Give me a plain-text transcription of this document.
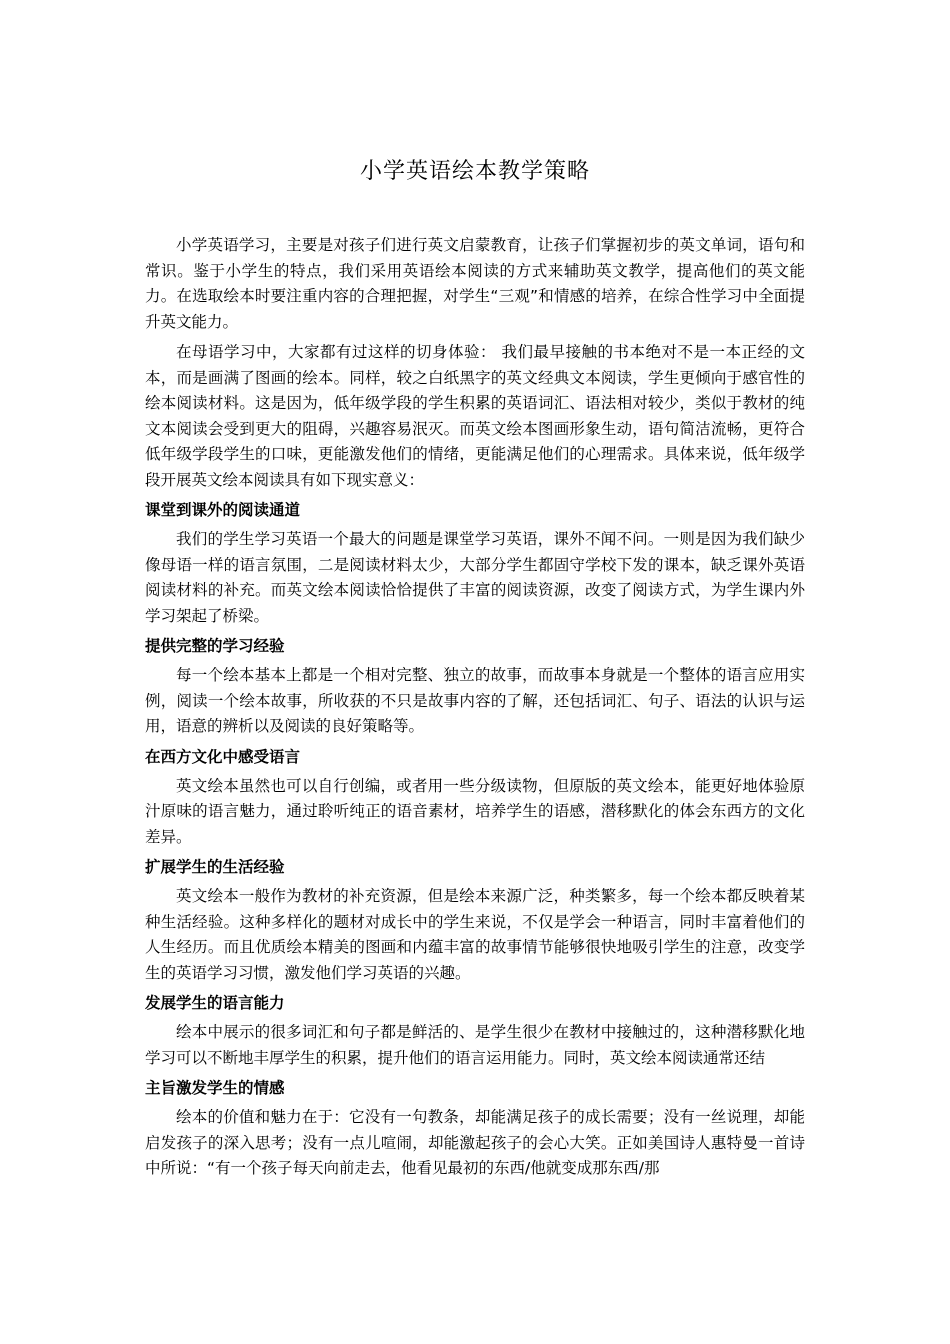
小学英语绘本教学策略

小学英语学习，主要是对孩子们进行英文启蒙教育，让孩子们掌握初步的英文单词，语句和常识。鉴于小学生的特点，我们采用英语绘本阅读的方式来辅助英文教学，提高他们的英文能力。在选取绘本时要注重内容的合理把握，对学生“三观”和情感的培养，在综合性学习中全面提升英文能力。

在母语学习中，大家都有过这样的切身体验： 我们最早接触的书本绝对不是一本正经的文本，而是画满了图画的绘本。同样，较之白纸黑字的英文经典文本阅读，学生更倾向于感官性的绘本阅读材料。这是因为，低年级学段的学生积累的英语词汇、语法相对较少，类似于教材的纯文本阅读会受到更大的阻碍，兴趣容易泯灭。而英文绘本图画形象生动，语句简洁流畅，更符合低年级学段学生的口味，更能激发他们的情绪，更能满足他们的心理需求。具体来说，低年级学段开展英文绘本阅读具有如下现实意义：

课堂到课外的阅读通道

我们的学生学习英语一个最大的问题是课堂学习英语，课外不闻不问。一则是因为我们缺少像母语一样的语言氛围，二是阅读材料太少，大部分学生都固守学校下发的课本，缺乏课外英语阅读材料的补充。而英文绘本阅读恰恰提供了丰富的阅读资源，改变了阅读方式，为学生课内外学习架起了桥梁。

提供完整的学习经验

每一个绘本基本上都是一个相对完整、独立的故事，而故事本身就是一个整体的语言应用实例，阅读一个绘本故事，所收获的不只是故事内容的了解，还包括词汇、句子、语法的认识与运用，语意的辨析以及阅读的良好策略等。

在西方文化中感受语言

英文绘本虽然也可以自行创编，或者用一些分级读物，但原版的英文绘本，能更好地体验原汁原味的语言魅力，通过聆听纯正的语音素材，培养学生的语感，潜移默化的体会东西方的文化差异。

扩展学生的生活经验

英文绘本一般作为教材的补充资源，但是绘本来源广泛，种类繁多，每一个绘本都反映着某种生活经验。这种多样化的题材对成长中的学生来说，不仅是学会一种语言，同时丰富着他们的人生经历。而且优质绘本精美的图画和内蕴丰富的故事情节能够很快地吸引学生的注意，改变学生的英语学习习惯，激发他们学习英语的兴趣。

发展学生的语言能力

绘本中展示的很多词汇和句子都是鲜活的、是学生很少在教材中接触过的，这种潜移默化地学习可以不断地丰厚学生的积累，提升他们的语言运用能力。同时，英文绘本阅读通常还结

主旨激发学生的情感

绘本的价值和魅力在于：它没有一句教条，却能满足孩子的成长需要；没有一丝说理，却能启发孩子的深入思考；没有一点儿喧闹，却能激起孩子的会心大笑。正如美国诗人惠特曼一首诗中所说：“有一个孩子每天向前走去，他看见最初的东西/他就变成那东西/那
